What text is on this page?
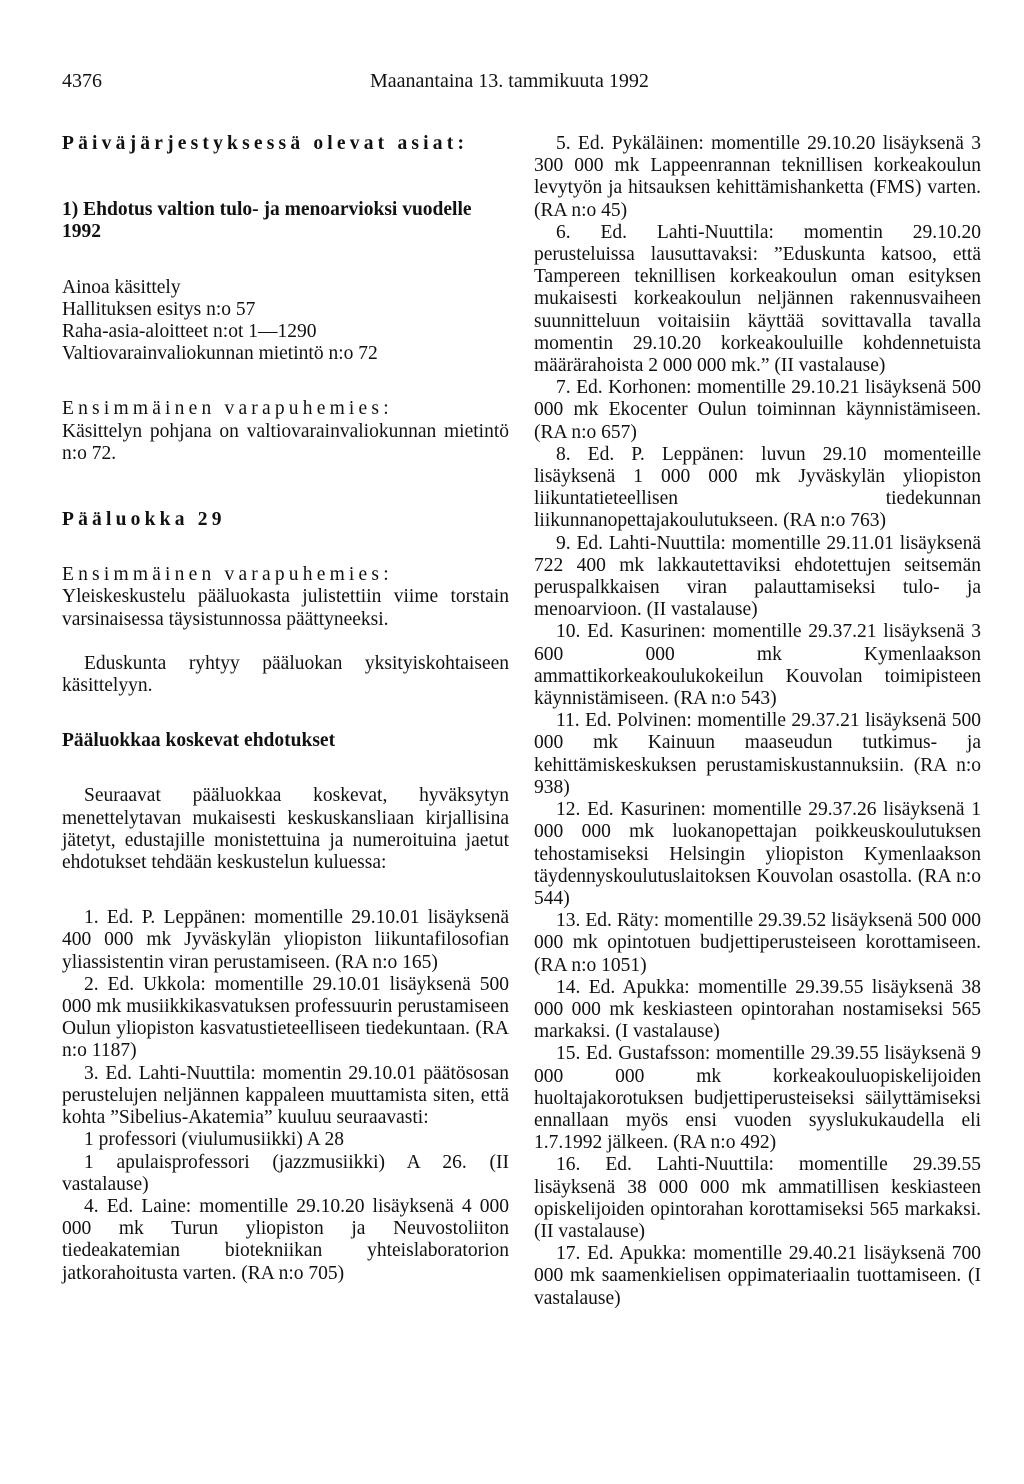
4376	Maanantaina 13. tammikuuta 1992

Päiväjärjestyksessä olevat asiat:

1) Ehdotus valtion tulo- ja menoarvioksi vuodelle 1992

Ainoa käsittely

Hallituksen esitys n:o 57

Raha-asia-aloitteet n:ot 1—1290

Valtiovarainvaliokunnan mietintö n:o 72

Ensimmäinen varapuhemies:

Käsittelyn pohjana on valtiovarainvaliokunnan mietintö n:o 72.

Pääluokka 29

Ensimmäinen varapuhemies:

Yleiskeskustelu pääluokasta julistettiin viime torstain varsinaisessa täysistunnossa päättyneeksi.

Eduskunta ryhtyy pääluokan yksityiskohtaiseen käsittelyyn.

Pääluokkaa koskevat ehdotukset

Seuraavat pääluokkaa koskevat, hyväksytyn menettelytavan mukaisesti keskuskansliaan kirjallisina jätetyt, edustajille monistettuina ja numeroituina jaetut ehdotukset tehdään keskustelun kuluessa:

1. Ed. P. Leppänen: momentille 29.10.01 lisäyksenä 400 000 mk Jyväskylän yliopiston liikuntafilosofian yliassistentin viran perustamiseen. (RA n:o 165)

2. Ed. Ukkola: momentille 29.10.01 lisäyksenä 500 000 mk musiikkikasvatuksen professuurin perustamiseen Oulun yliopiston kasvatustieteelliseen tiedekuntaan. (RA n:o 1187)

3. Ed. Lahti-Nuuttila: momentin 29.10.01 päätösosan perustelujen neljännen kappaleen muuttamista siten, että kohta ”Sibelius-Akatemia” kuuluu seuraavasti:

1 professori (viulumusiikki) A 28

1 apulaisprofessori (jazzmusiikki) A 26. (II vastalause)

4. Ed. Laine: momentille 29.10.20 lisäyksenä 4 000 000 mk Turun yliopiston ja Neuvostoliiton tiedeakatemian biotekniikan yhteislaboratorion jatkorahoitusta varten. (RA n:o 705)

5. Ed. Pykäläinen: momentille 29.10.20 lisäyksenä 3 300 000 mk Lappeenrannan teknillisen korkeakoulun levytyön ja hitsauksen kehittämishanketta (FMS) varten. (RA n:o 45)

6. Ed. Lahti-Nuuttila: momentin 29.10.20 perusteluissa lausuttavaksi: ”Eduskunta katsoo, että Tampereen teknillisen korkeakoulun oman esityksen mukaisesti korkeakoulun neljännen rakennusvaiheen suunnitteluun voitaisiin käyttää sovittavalla tavalla momentin 29.10.20 korkeakouluille kohdennetuista määrärahoista 2 000 000 mk.” (II vastalause)

7. Ed. Korhonen: momentille 29.10.21 lisäyksenä 500 000 mk Ekocenter Oulun toiminnan käynnistämiseen. (RA n:o 657)

8. Ed. P. Leppänen: luvun 29.10 momenteille lisäyksenä 1 000 000 mk Jyväskylän yliopiston liikuntatieteellisen tiedekunnan liikunnanopettajakoulutukseen. (RA n:o 763)

9. Ed. Lahti-Nuuttila: momentille 29.11.01 lisäyksenä 722 400 mk lakkautettaviksi ehdotettujen seitsemän peruspalkkaisen viran palauttamiseksi tulo- ja menoarvioon. (II vastalause)

10. Ed. Kasurinen: momentille 29.37.21 lisäyksenä 3 600 000 mk Kymenlaakson ammattikorkeakoulukokeilun Kouvolan toimipisteen käynnistämiseen. (RA n:o 543)

11. Ed. Polvinen: momentille 29.37.21 lisäyksenä 500 000 mk Kainuun maaseudun tutkimus- ja kehittämiskeskuksen perustamiskustannuksiin. (RA n:o 938)

12. Ed. Kasurinen: momentille 29.37.26 lisäyksenä 1 000 000 mk luokanopettajan poikkeuskoulutuksen tehostamiseksi Helsingin yliopiston Kymenlaakson täydennyskoulutuslaitoksen Kouvolan osastolla. (RA n:o 544)

13. Ed. Räty: momentille 29.39.52 lisäyksenä 500 000 000 mk opintotuen budjettiperusteiseen korottamiseen. (RA n:o 1051)

14. Ed. Apukka: momentille 29.39.55 lisäyksenä 38 000 000 mk keskiasteen opintorahan nostamiseksi 565 markaksi. (I vastalause)

15. Ed. Gustafsson: momentille 29.39.55 lisäyksenä 9 000 000 mk korkeakouluopiskelijoiden huoltajakorotuksen budjettiperusteiseksi säilyttämiseksi ennallaan myös ensi vuoden syyslukukaudella eli 1.7.1992 jälkeen. (RA n:o 492)

16. Ed. Lahti-Nuuttila: momentille 29.39.55 lisäyksenä 38 000 000 mk ammatillisen keskiasteen opiskelijoiden opintorahan korottamiseksi 565 markaksi. (II vastalause)

17. Ed. Apukka: momentille 29.40.21 lisäyksenä 700 000 mk saamenkielisen oppimateriaalin tuottamiseen. (I vastalause)
